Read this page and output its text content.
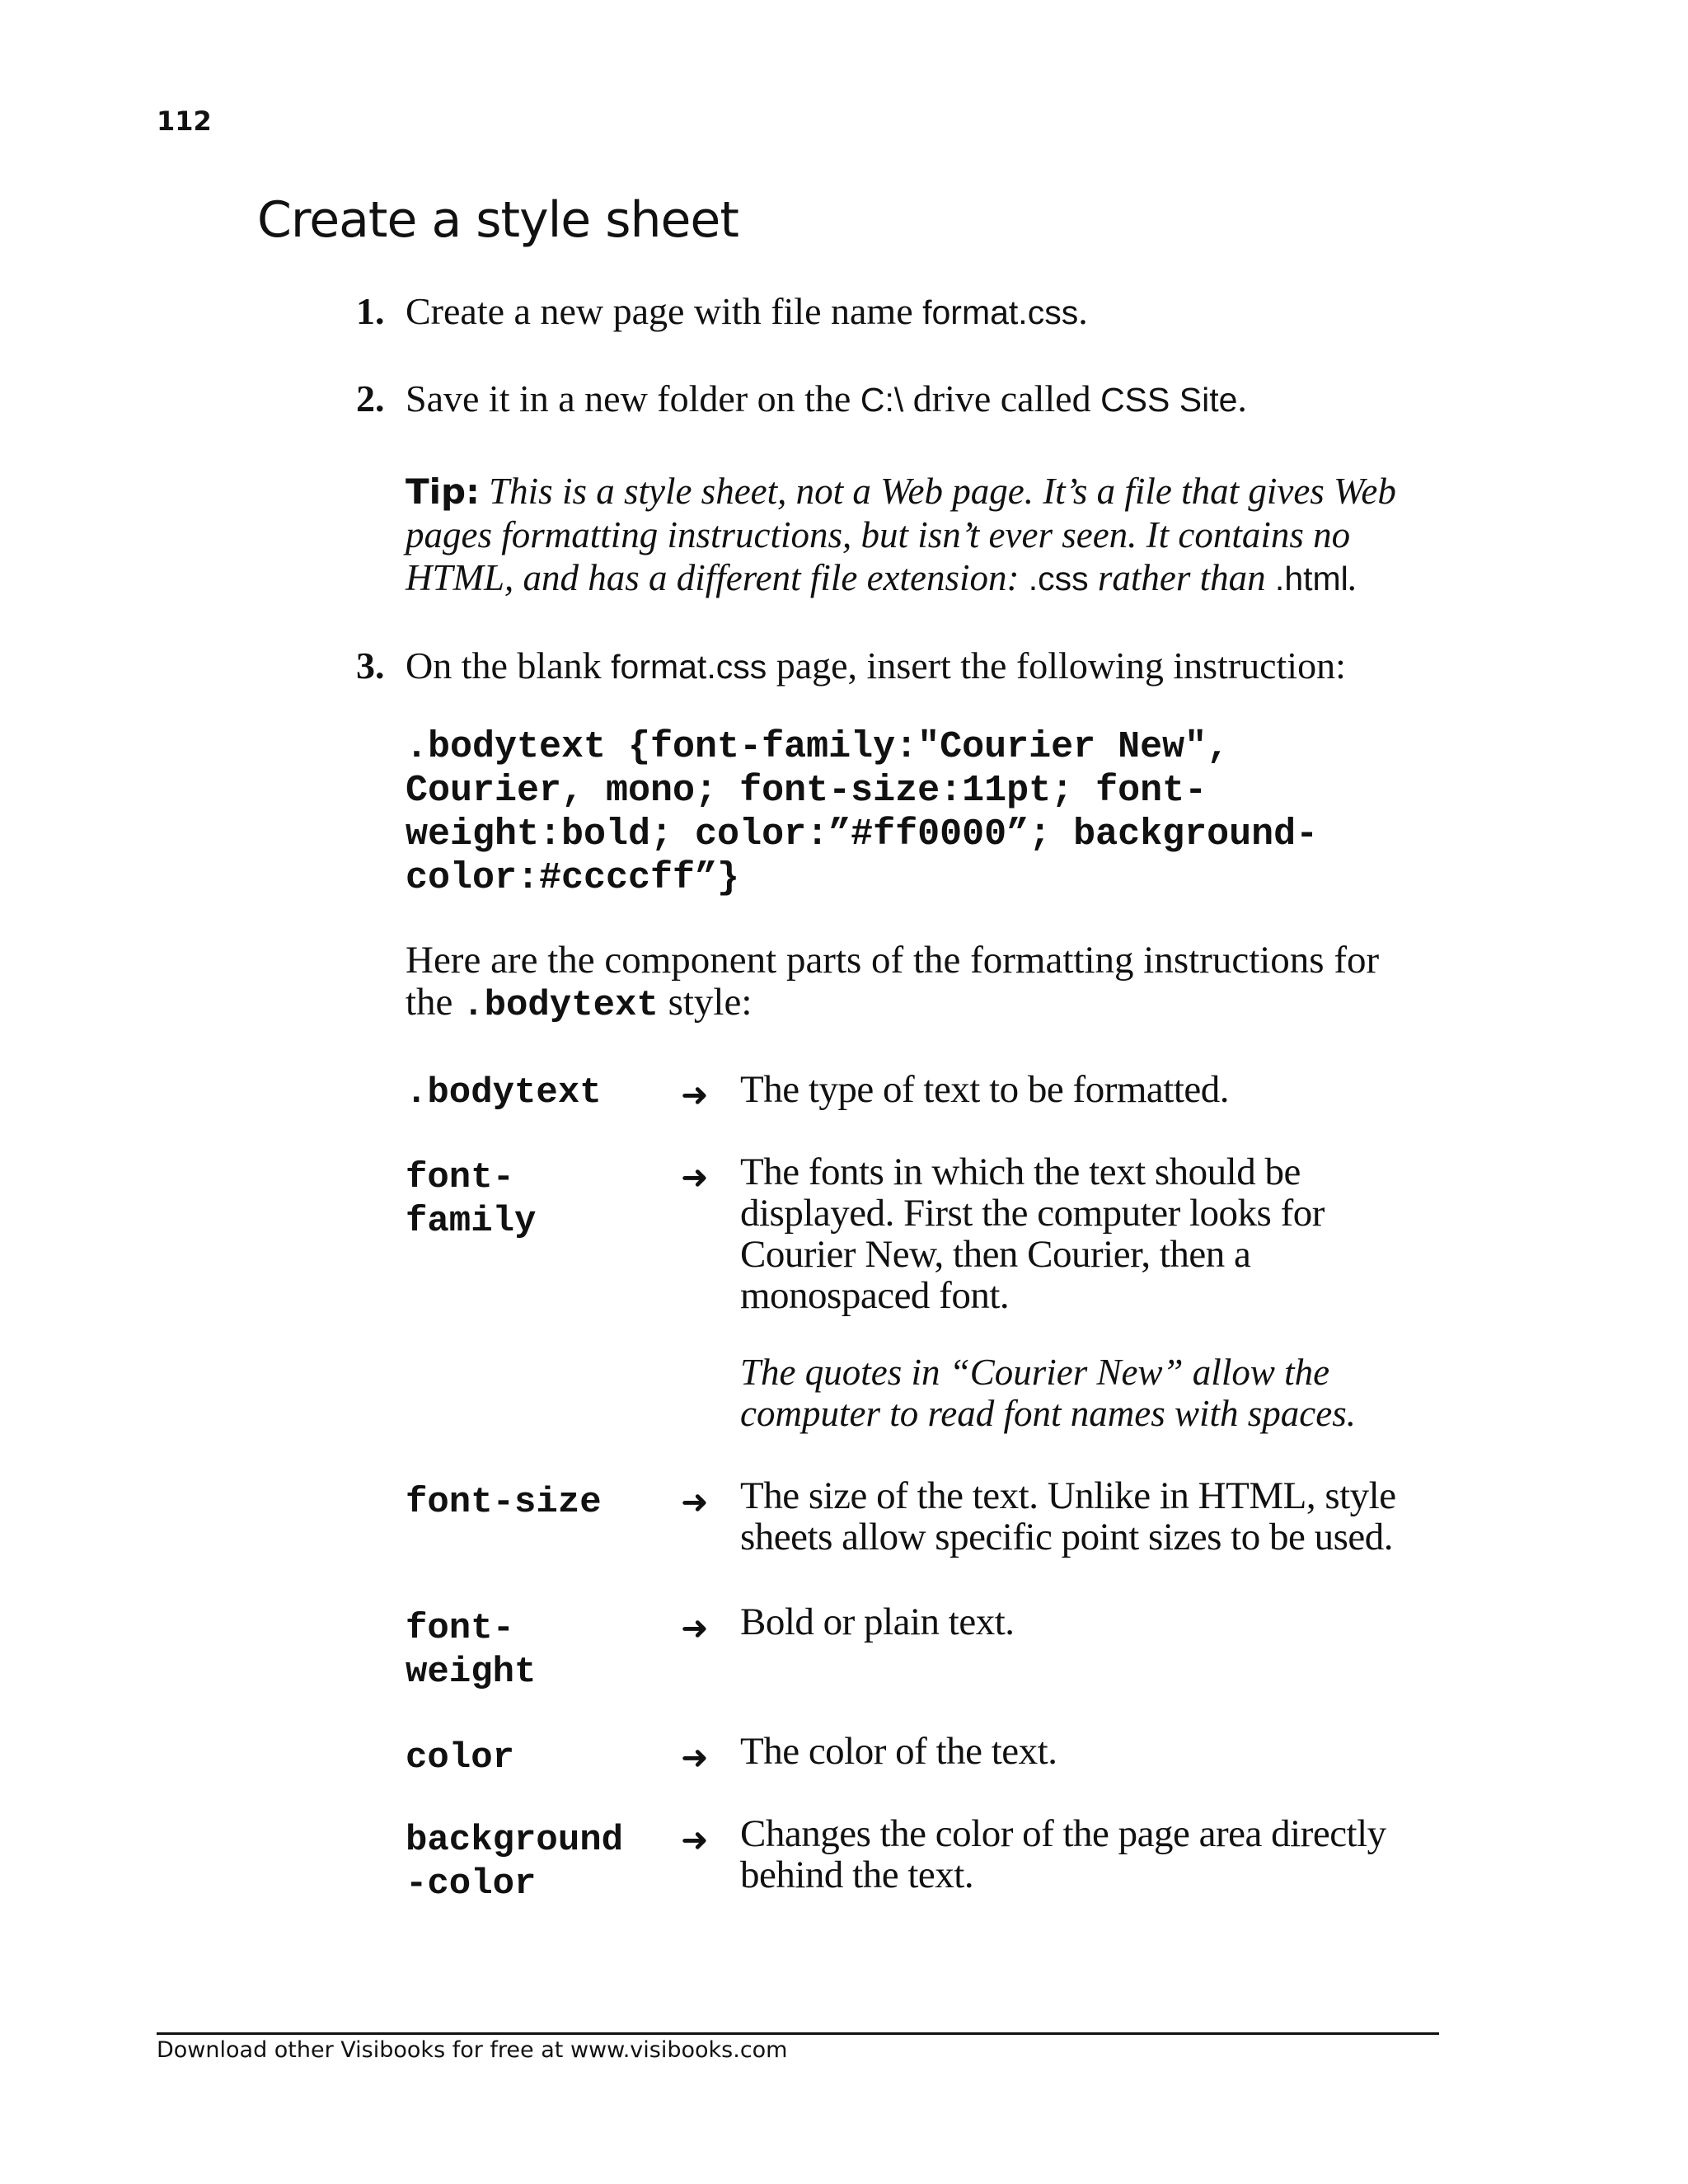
112
Create a style sheet
1. Create a new page with file name format.css.
2. Save it in a new folder on the C:\ drive called CSS Site.
Tip: This is a style sheet, not a Web page. It’s a file that gives Web pages formatting instructions, but isn’t ever seen. It contains no HTML, and has a different file extension: .css rather than .html.
3. On the blank format.css page, insert the following instruction:
.bodytext {font-family:"Courier New",
Courier, mono; font-size:11pt; font-
weight:bold; color:”#ff0000”; background-
color:#ccccff”}

Here are the component parts of the formatting instructions for the .bodytext style:

.bodytext ➜ The type of text to be formatted.
font-
family
➜ The fonts in which the text should be displayed. First the computer looks for Courier New, then Courier, then a monospaced font.
The quotes in “Courier New” allow the computer to read font names with spaces.
font-size ➜ The size of the text. Unlike in HTML, style sheets allow specific point sizes to be used.
font-
weight
➜ Bold or plain text.
color	➜ The color of the text.
background
-color
➜ Changes the color of the page area directly behind the text.
Download other Visibooks for free at www.visibooks.com
